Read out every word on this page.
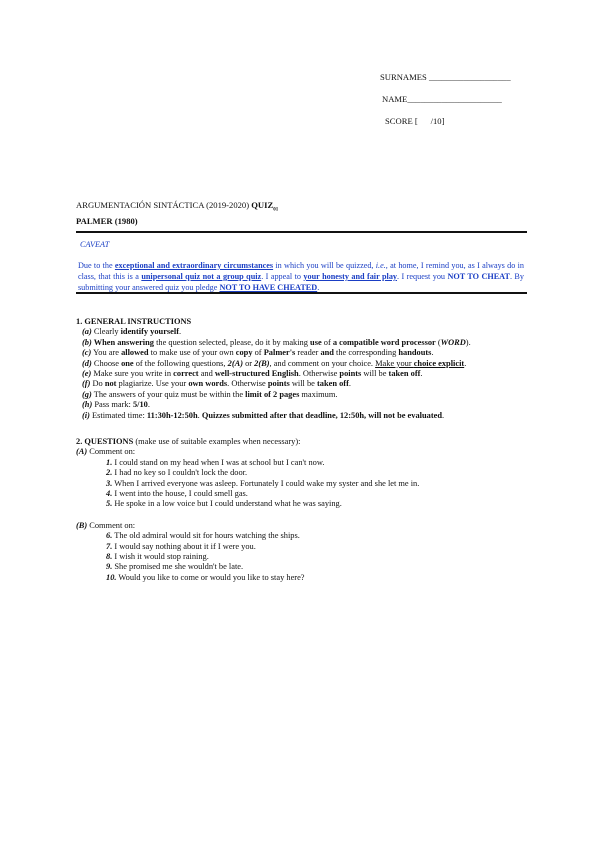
SURNAMES ___________________
NAME______________________
SCORE [ /10]
ARGUMENTACIÓN SINTÁCTICA (2019-2020) $QUIZ_{01}$
PALMER (1980)
CAVEAT
Due to the exceptional and extraordinary circumstances in which you will be quizzed, i.e., at home, I remind you, as I always do in class, that this is a unipersonal quiz not a group quiz. I appeal to your honesty and fair play. I request you NOT TO CHEAT. By submitting your answered quiz you pledge NOT TO HAVE CHEATED.
1. GENERAL INSTRUCTIONS
(a) Clearly identify yourself.
(b) When answering the question selected, please, do it by making use of a compatible word processor (WORD).
(c) You are allowed to make use of your own copy of Palmer's reader and the corresponding handouts.
(d) Choose one of the following questions, 2(A) or 2(B), and comment on your choice. Make your choice explicit.
(e) Make sure you write in correct and well-structured English. Otherwise points will be taken off.
(f) Do not plagiarize. Use your own words. Otherwise points will be taken off.
(g) The answers of your quiz must be within the limit of 2 pages maximum.
(h) Pass mark: 5/10.
(i) Estimated time: 11:30h-12:50h. Quizzes submitted after that deadline, 12:50h, will not be evaluated.
2. QUESTIONS (make use of suitable examples when necessary):
(A) Comment on:
1. I could stand on my head when I was at school but I can't now.
2. I had no key so I couldn't lock the door.
3. When I arrived everyone was asleep. Fortunately I could wake my syster and she let me in.
4. I went into the house, I could smell gas.
5. He spoke in a low voice but I could understand what he was saying.
(B) Comment on:
6. The old admiral would sit for hours watching the ships.
7. I would say nothing about it if I were you.
8. I wish it would stop raining.
9. She promised me she wouldn't be late.
10. Would you like to come or would you like to stay here?
